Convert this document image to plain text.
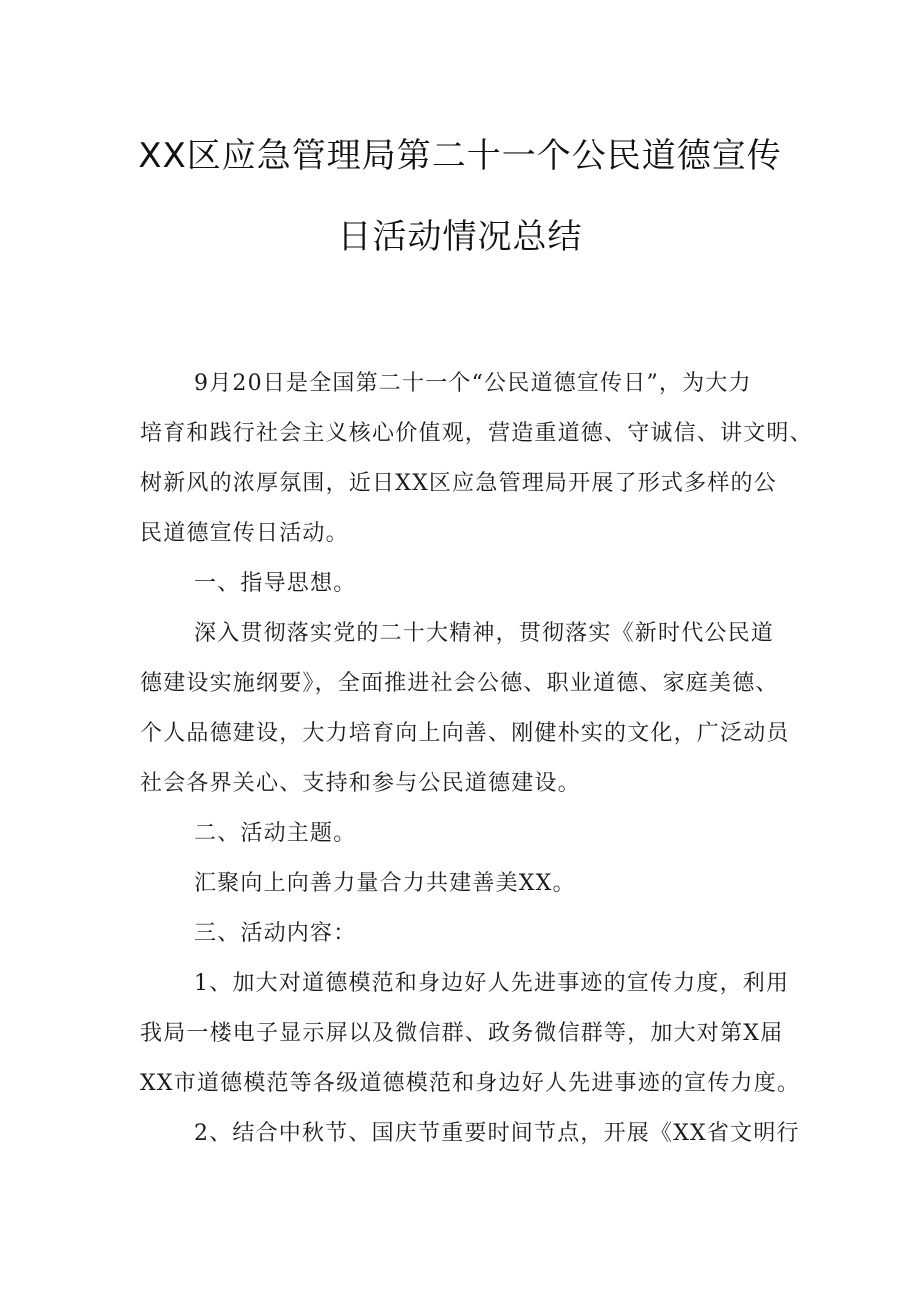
XX区应急管理局第二十一个公民道德宣传
日活动情况总结
9月20日是全国第二十一个“公民道德宣传日”，为大力
培育和践行社会主义核心价值观，营造重道德、守诚信、讲文明、
树新风的浓厚氛围，近日XX区应急管理局开展了形式多样的公
民道德宣传日活动。
一、指导思想。
深入贯彻落实党的二十大精神，贯彻落实《新时代公民道
德建设实施纲要》，全面推进社会公德、职业道德、家庭美德、
个人品德建设，大力培育向上向善、刚健朴实的文化，广泛动员
社会各界关心、支持和参与公民道德建设。
二、活动主题。
汇聚向上向善力量合力共建善美XX。
三、活动内容：
1、加大对道德模范和身边好人先进事迹的宣传力度，利用
我局一楼电子显示屏以及微信群、政务微信群等，加大对第X届
XX市道德模范等各级道德模范和身边好人先进事迹的宣传力度。
2、结合中秋节、国庆节重要时间节点，开展《XX省文明行
